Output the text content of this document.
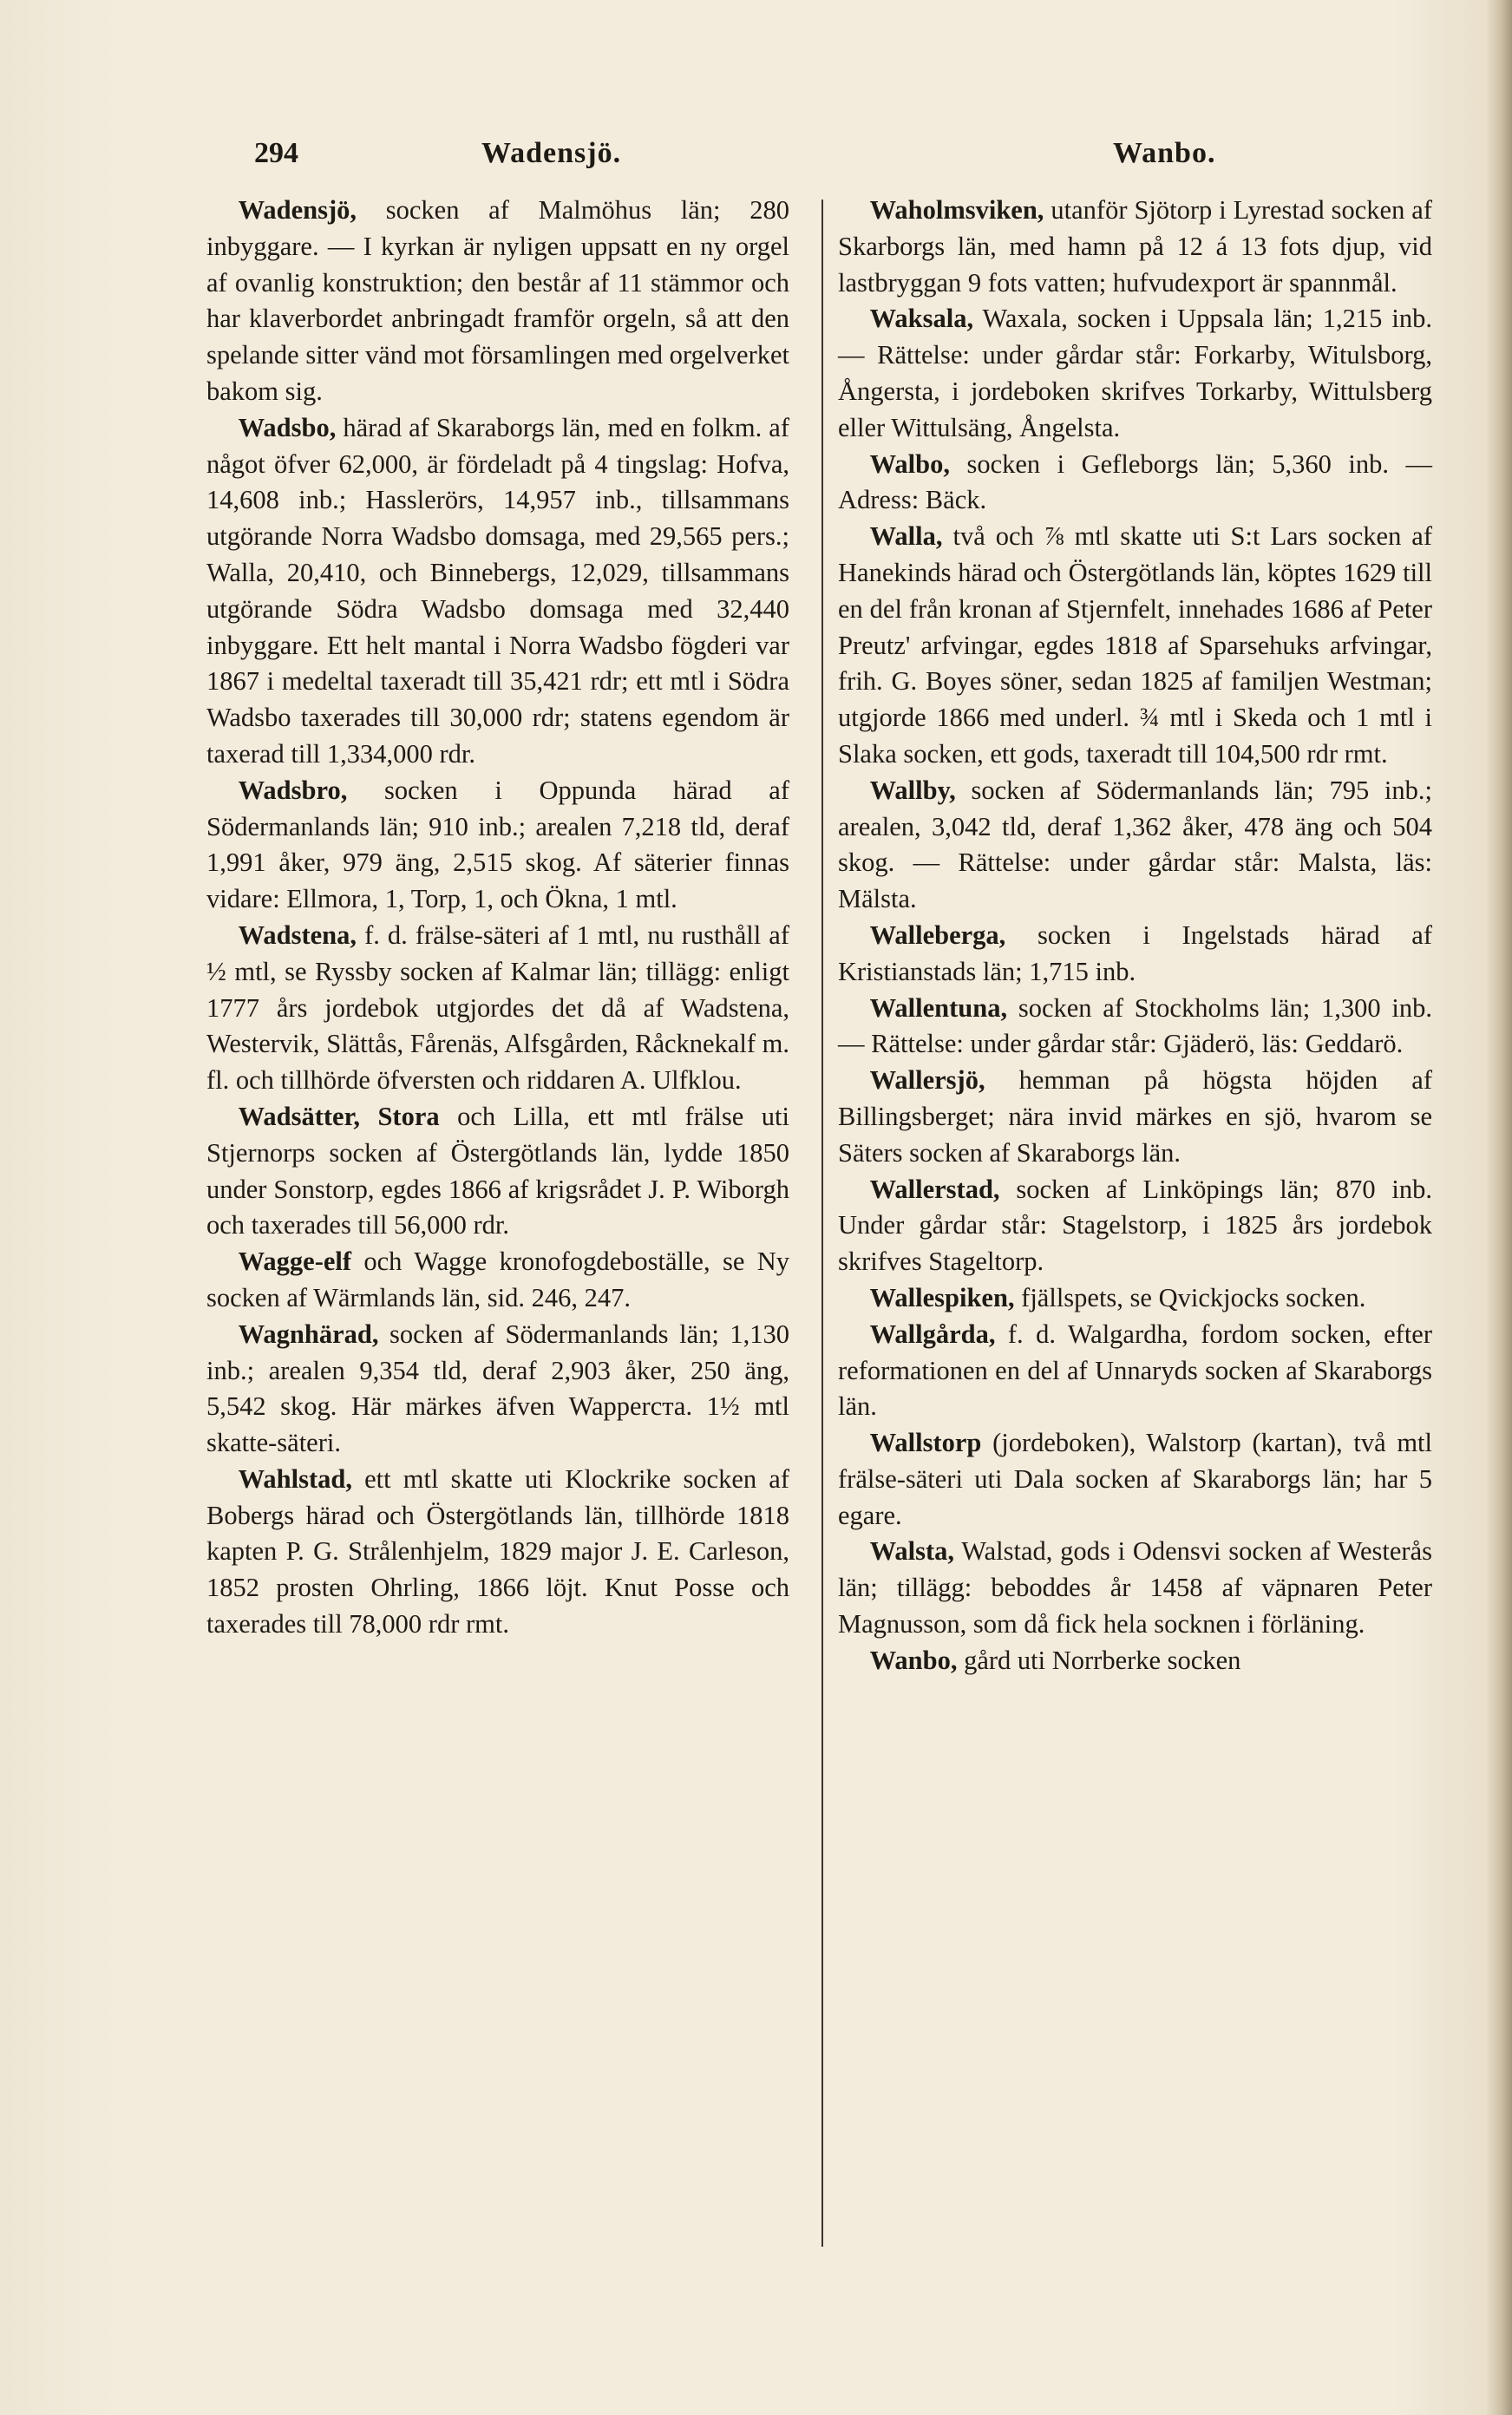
294	Wadensjö.	Wanbo.

Wadensjö, socken af Malmöhus län; 280 inbyggare. — I kyrkan är nyligen uppsatt en ny orgel af ovanlig konstruktion; den består af 11 stämmor och har klaverbordet anbringadt framför orgeln, så att den spelande sitter vänd mot församlingen med orgelverket bakom sig.

Wadsbo, härad af Skaraborgs län, med en folkm. af något öfver 62,000, är fördeladt på 4 tingslag: Hofva, 14,608 inb.; Hasslerörs, 14,957 inb., tillsammans utgörande Norra Wadsbo domsaga, med 29,565 pers.; Walla, 20,410, och Binnebergs, 12,029, tillsammans utgörande Södra Wadsbo domsaga med 32,440 inbyggare. Ett helt mantal i Norra Wadsbo fögderi var 1867 i medeltal taxeradt till 35,421 rdr; ett mtl i Södra Wadsbo taxerades till 30,000 rdr; statens egendom är taxerad till 1,334,000 rdr.

Wadsbro, socken i Oppunda härad af Södermanlands län; 910 inb.; arealen 7,218 tld, deraf 1,991 åker, 979 äng, 2,515 skog. Af säterier finnas vidare: Ellmora, 1, Torp, 1, och Ökna, 1 mtl.

Wadstena, f. d. frälse-säteri af 1 mtl, nu rusthåll af ½ mtl, se Ryssby socken af Kalmar län; tillägg: enligt 1777 års jordebok utgjordes det då af Wadstena, Westervik, Slättås, Fårenäs, Alfsgården, Råcknekalf m. fl. och tillhörde öfversten och riddaren A. Ulfklou.

Wadsätter, Stora och Lilla, ett mtl frälse uti Stjernorps socken af Östergötlands län, lydde 1850 under Sonstorp, egdes 1866 af krigsrådet J. P. Wiborgh och taxerades till 56,000 rdr.

Wagge-elf och Wagge kronofogdeboställe, se Ny socken af Wärmlands län, sid. 246, 247.

Wagnhärad, socken af Södermanlands län; 1,130 inb.; arealen 9,354 tld, deraf 2,903 åker, 250 äng, 5,542 skog. Här märkes äfven Wapperста. 1½ mtl skatte-säteri.

Wahlstad, ett mtl skatte uti Klockrike socken af Bobergs härad och Östergötlands län, tillhörde 1818 kapten P. G. Strålenhjelm, 1829 major J. E. Carleson, 1852 prosten Ohrling, 1866 löjt. Knut Posse och taxerades till 78,000 rdr rmt.

Waholmsviken, utanför Sjötorp i Lyrestad socken af Skarborgs län, med hamn på 12 á 13 fots djup, vid lastbryggan 9 fots vatten; hufvudexport är spannmål.

Waksala, Waxala, socken i Uppsala län; 1,215 inb. — Rättelse: under gårdar står: Forkarby, Witulsborg, Ångersta, i jordeboken skrifves Torkarby, Wittulsberg eller Wittulsäng, Ångelsta.

Walbo, socken i Gefleborgs län; 5,360 inb. — Adress: Bäck.

Walla, två och ⅞ mtl skatte uti S:t Lars socken af Hanekinds härad och Östergötlands län, köptes 1629 till en del från kronan af Stjernfelt, innehades 1686 af Peter Preutz' arfvingar, egdes 1818 af Sparsehuks arfvingar, frih. G. Boyes söner, sedan 1825 af familjen Westman; utgjorde 1866 med underl. ¾ mtl i Skeda och 1 mtl i Slaka socken, ett gods, taxeradt till 104,500 rdr rmt.

Wallby, socken af Södermanlands län; 795 inb.; arealen, 3,042 tld, deraf 1,362 åker, 478 äng och 504 skog. — Rättelse: under gårdar står: Malsta, läs: Mälsta.

Walleberga, socken i Ingelstads härad af Kristianstads län; 1,715 inb.

Wallentuna, socken af Stockholms län; 1,300 inb. — Rättelse: under gårdar står: Gjäderö, läs: Geddarö.

Wallersjö, hemman på högsta höjden af Billingsberget; nära invid märkes en sjö, hvarom se Säters socken af Skaraborgs län.

Wallerstad, socken af Linköpings län; 870 inb. Under gårdar står: Stagelstorp, i 1825 års jordebok skrifves Stageltorp.

Wallespiken, fjällspets, se Qvickjocks socken.

Wallgårda, f. d. Walgardha, fordom socken, efter reformationen en del af Unnaryds socken af Skaraborgs län.

Wallstorp (jordeboken), Walstorp (kartan), två mtl frälse-säteri uti Dala socken af Skaraborgs län; har 5 egare.

Walsta, Walstad, gods i Odensvi socken af Westerås län; tillägg: beboddes år 1458 af väpnaren Peter Magnusson, som då fick hela socknen i förläning.

Wanbo, gård uti Norrberke socken
